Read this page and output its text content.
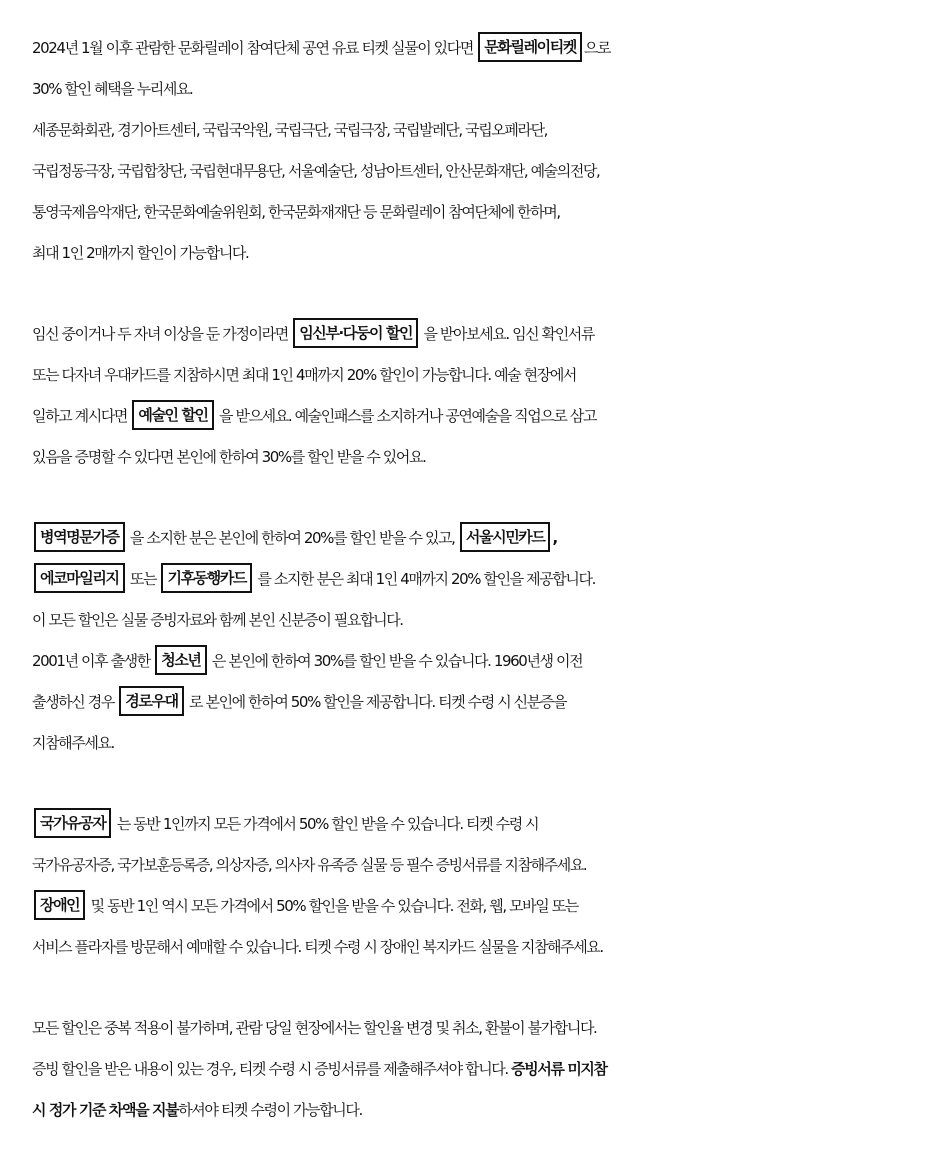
2024년 1월 이후 관람한 문화릴레이 참여단체 공연 유료 티켓 실물이 있다면 문화릴레이티켓 으로
30% 할인 혜택을 누리세요.
세종문화회관, 경기아트센터, 국립국악원, 국립극단, 국립극장, 국립발레단, 국립오페라단,
국립정동극장, 국립합창단, 국립현대무용단, 서울예술단, 성남아트센터, 안산문화재단, 예술의전당,
통영국제음악재단, 한국문화예술위원회, 한국문화재재단 등 문화릴레이 참여단체에 한하며,
최대 1인 2매까지 할인이 가능합니다.
임신 중이거나 두 자녀 이상을 둔 가정이라면 임신부·다둥이 할인 을 받아보세요. 임신 확인서류
또는 다자녀 우대카드를 지참하시면 최대 1인 4매까지 20% 할인이 가능합니다. 예술 현장에서
일하고 계시다면 예술인 할인 을 받으세요. 예술인패스를 소지하거나 공연예술을 직업으로 삼고
있음을 증명할 수 있다면 본인에 한하여 30%를 할인 받을 수 있어요.
병역명문가증 을 소지한 분은 본인에 한하여 20%를 할인 받을 수 있고, 서울시민카드 ,
에코마일리지 또는 기후동행카드 를 소지한 분은 최대 1인 4매까지 20% 할인을 제공합니다.
이 모든 할인은 실물 증빙자료와 함께 본인 신분증이 필요합니다.
2001년 이후 출생한 청소년 은 본인에 한하여 30%를 할인 받을 수 있습니다. 1960년생 이전
출생하신 경우 경로우대 로 본인에 한하여 50% 할인을 제공합니다. 티켓 수령 시 신분증을
지참해주세요.
국가유공자 는 동반 1인까지 모든 가격에서 50% 할인 받을 수 있습니다. 티켓 수령 시
국가유공자증, 국가보훈등록증, 의상자증, 의사자 유족증 실물 등 필수 증빙서류를 지참해주세요.
장애인 및 동반 1인 역시 모든 가격에서 50% 할인을 받을 수 있습니다. 전화, 웹, 모바일 또는
서비스 플라자를 방문해서 예매할 수 있습니다. 티켓 수령 시 장애인 복지카드 실물을 지참해주세요.
모든 할인은 중복 적용이 불가하며, 관람 당일 현장에서는 할인율 변경 및 취소, 환불이 불가합니다.
증빙 할인을 받은 내용이 있는 경우, 티켓 수령 시 증빙서류를 제출해주셔야 합니다. 증빙서류 미지참
시 정가 기준 차액을 지불하셔야 티켓 수령이 가능합니다.
